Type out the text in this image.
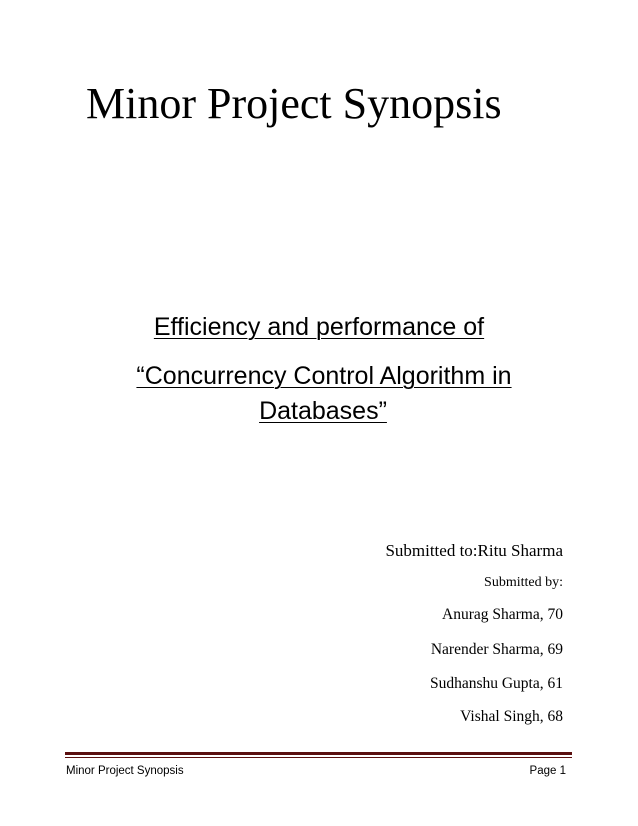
Minor Project Synopsis
Efficiency and performance of
“Concurrency Control Algorithm in
Databases”
Submitted to:Ritu Sharma
Submitted by:
Anurag Sharma, 70
Narender Sharma, 69
Sudhanshu Gupta, 61
Vishal Singh, 68
Minor Project Synopsis	Page 1
